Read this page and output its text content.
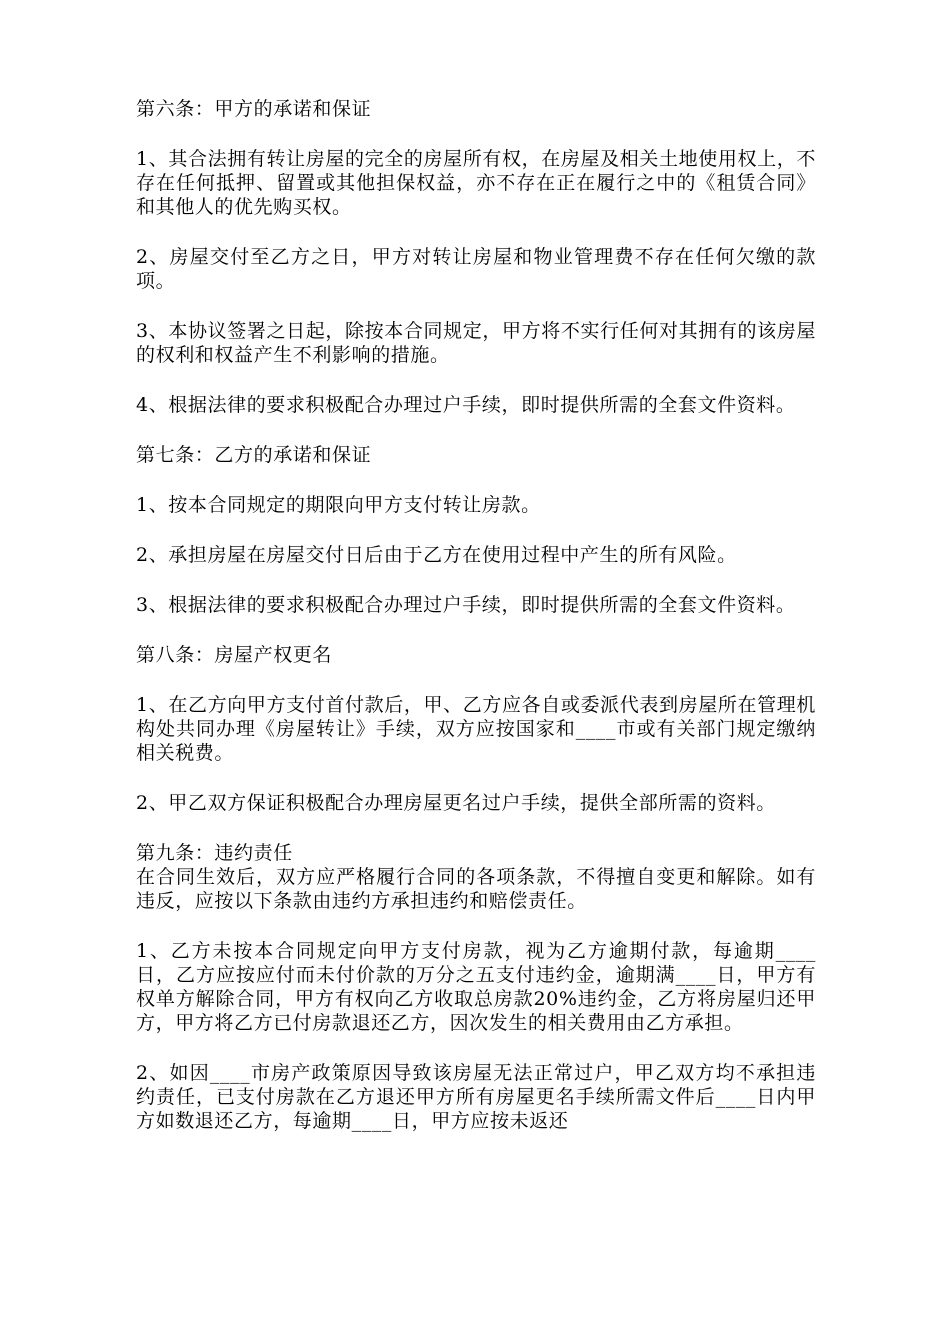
第六条：甲方的承诺和保证

1、其合法拥有转让房屋的完全的房屋所有权，在房屋及相关土地使用权上，不存在任何抵押、留置或其他担保权益，亦不存在正在履行之中的《租赁合同》和其他人的优先购买权。

2、房屋交付至乙方之日，甲方对转让房屋和物业管理费不存在任何欠缴的款项。

3、本协议签署之日起，除按本合同规定，甲方将不实行任何对其拥有的该房屋的权利和权益产生不利影响的措施。

4、根据法律的要求积极配合办理过户手续，即时提供所需的全套文件资料。

第七条：乙方的承诺和保证

1、按本合同规定的期限向甲方支付转让房款。

2、承担房屋在房屋交付日后由于乙方在使用过程中产生的所有风险。

3、根据法律的要求积极配合办理过户手续，即时提供所需的全套文件资料。

第八条：房屋产权更名

1、在乙方向甲方支付首付款后，甲、乙方应各自或委派代表到房屋所在管理机构处共同办理《房屋转让》手续，双方应按国家和____市或有关部门规定缴纳相关税费。

2、甲乙双方保证积极配合办理房屋更名过户手续，提供全部所需的资料。

第九条：违约责任

在合同生效后，双方应严格履行合同的各项条款，不得擅自变更和解除。如有违反，应按以下条款由违约方承担违约和赔偿责任。

1、乙方未按本合同规定向甲方支付房款，视为乙方逾期付款，每逾期____日，乙方应按应付而未付价款的万分之五支付违约金，逾期满____日，甲方有权单方解除合同，甲方有权向乙方收取总房款20%违约金，乙方将房屋归还甲方，甲方将乙方已付房款退还乙方，因次发生的相关费用由乙方承担。

2、如因____市房产政策原因导致该房屋无法正常过户，甲乙双方均不承担违约责任，已支付房款在乙方退还甲方所有房屋更名手续所需文件后____日内甲方如数退还乙方，每逾期____日，甲方应按未返还
